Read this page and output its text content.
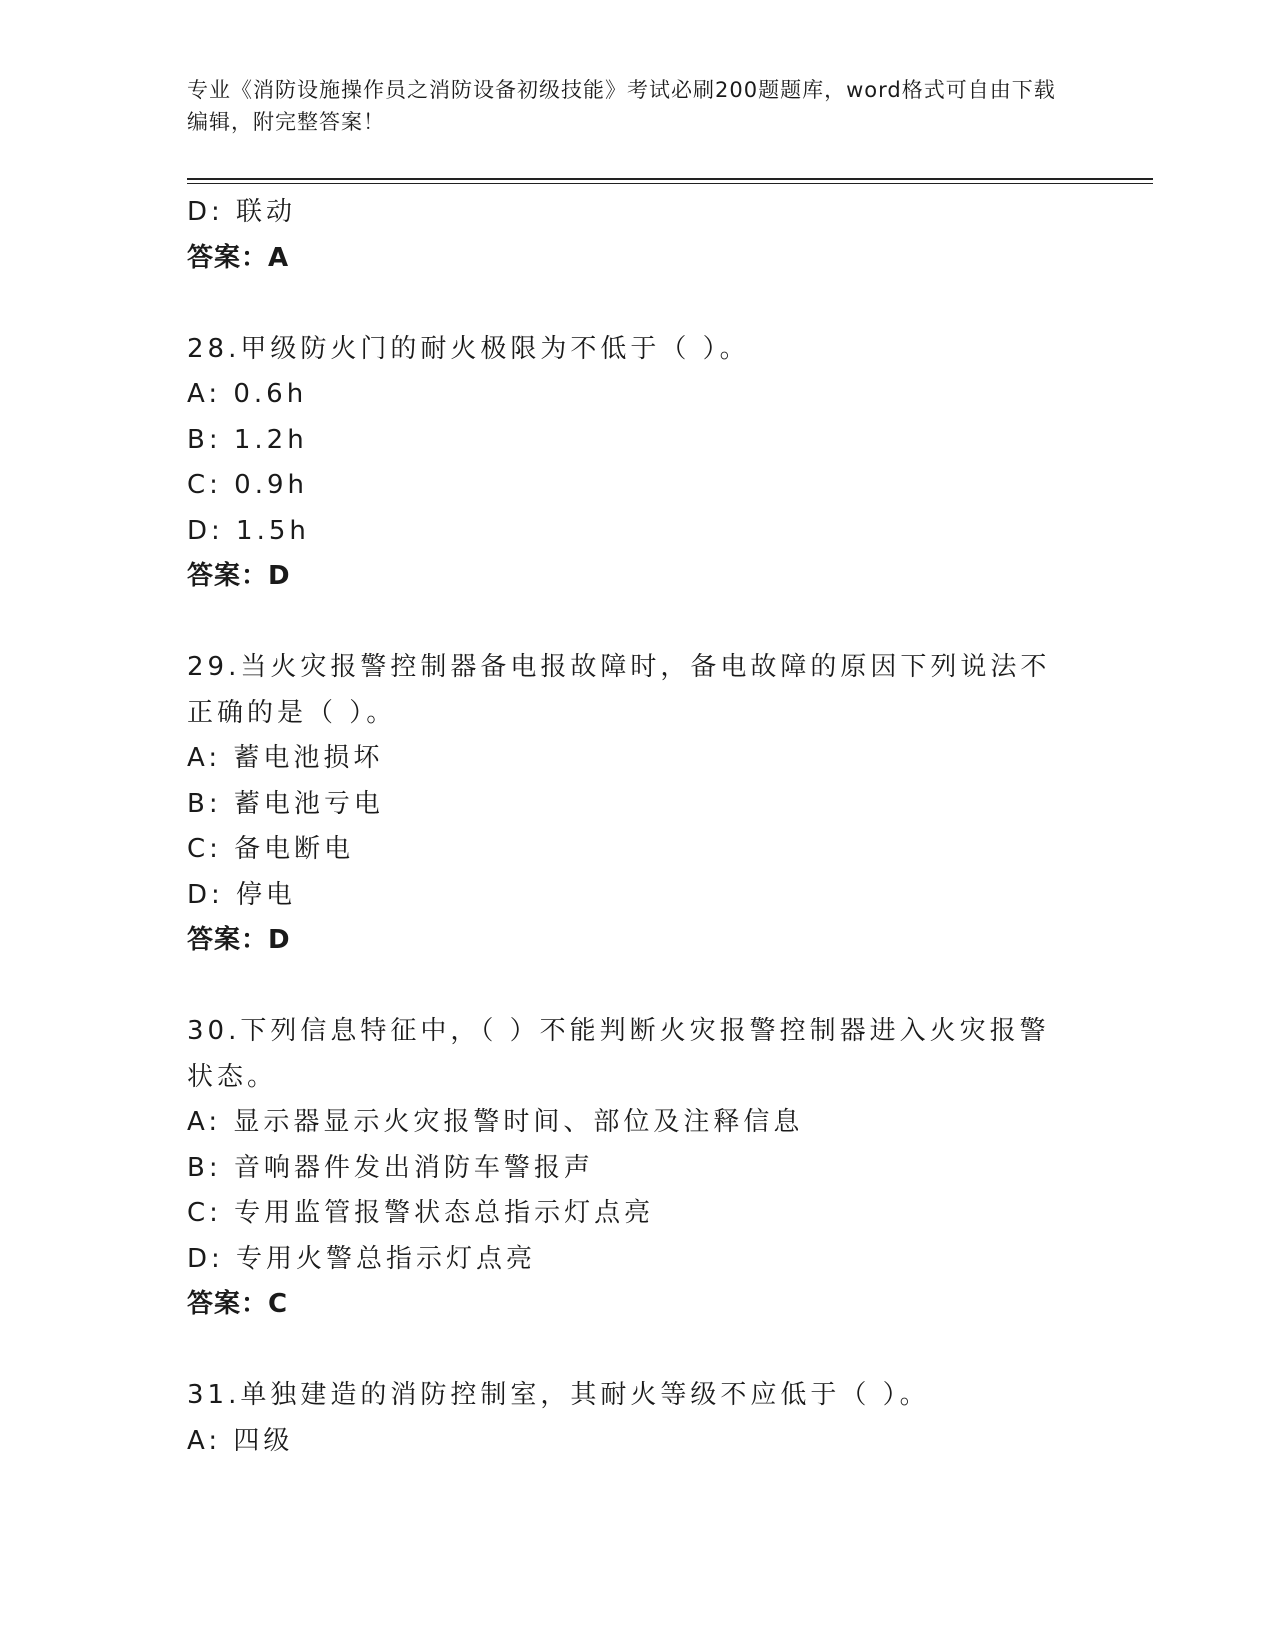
专业《消防设施操作员之消防设备初级技能》考试必刷200题题库，word格式可自由下载编辑，附完整答案！
D: 联动
答案：A
28.甲级防火门的耐火极限为不低于（ ）。
A: 0.6h
B: 1.2h
C: 0.9h
D: 1.5h
答案：D
29.当火灾报警控制器备电报故障时，备电故障的原因下列说法不正确的是（ ）。
A: 蓄电池损坏
B: 蓄电池亏电
C: 备电断电
D: 停电
答案：D
30.下列信息特征中，（ ）不能判断火灾报警控制器进入火灾报警状态。
A: 显示器显示火灾报警时间、部位及注释信息
B: 音响器件发出消防车警报声
C: 专用监管报警状态总指示灯点亮
D: 专用火警总指示灯点亮
答案：C
31.单独建造的消防控制室，其耐火等级不应低于（ ）。
A: 四级
